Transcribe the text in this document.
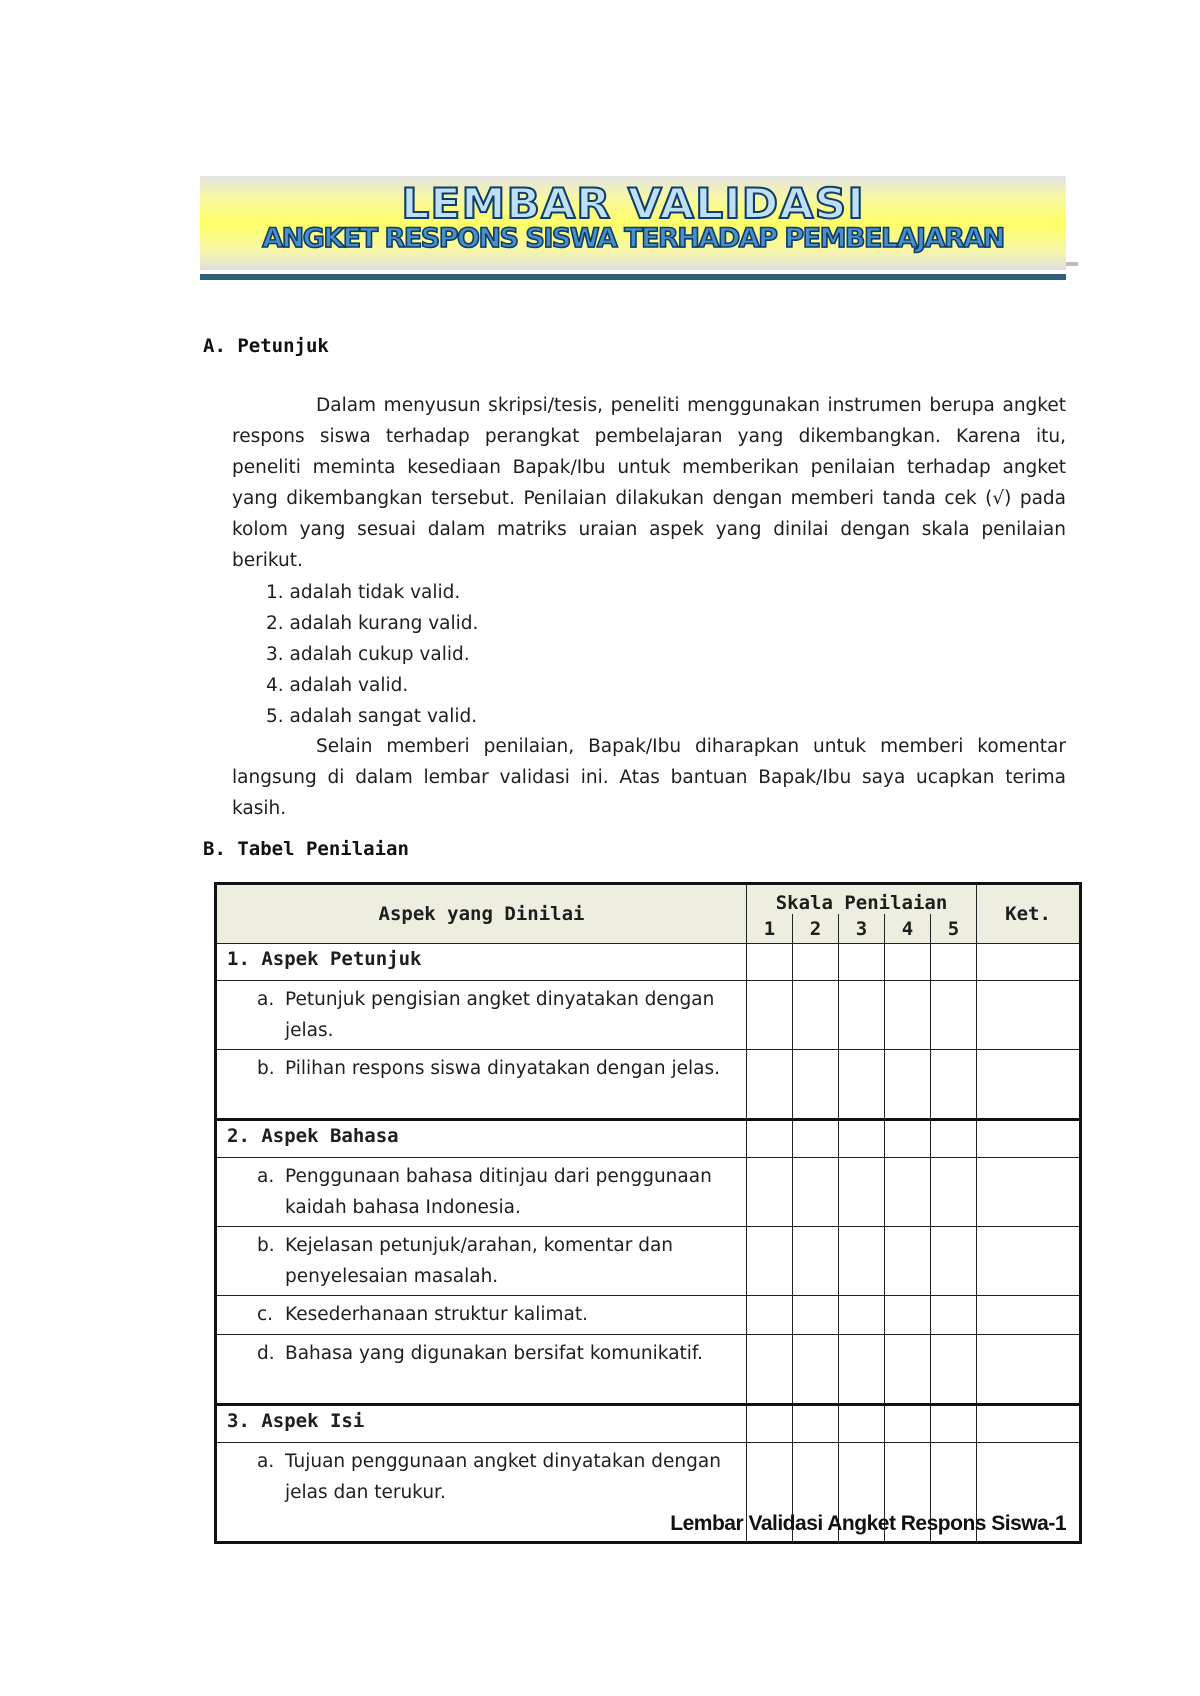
LEMBAR VALIDASI
ANGKET RESPONS SISWA TERHADAP PEMBELAJARAN
A. Petunjuk

Dalam menyusun skripsi/tesis, peneliti menggunakan instrumen berupa angket respons siswa terhadap perangkat pembelajaran yang dikembangkan. Karena itu, peneliti meminta kesediaan Bapak/Ibu untuk memberikan penilaian terhadap angket yang dikembangkan tersebut. Penilaian dilakukan dengan memberi tanda cek (√) pada kolom yang sesuai dalam matriks uraian aspek yang dinilai dengan skala penilaian berikut.

1. adalah tidak valid.
2. adalah kurang valid.
3. adalah cukup valid.
4. adalah valid.
5. adalah sangat valid.

Selain memberi penilaian, Bapak/Ibu diharapkan untuk memberi komentar langsung di dalam lembar validasi ini. Atas bantuan Bapak/Ibu saya ucapkan terima kasih.

B. Tabel Penilaian
Aspek yang Dinilai	Skala Penilaian					Ket.
	1	2	3	4	5	
1. Aspek Petunjuk						

a. Petunjuk pengisian angket dinyatakan dengan jelas.						

b. Pilihan respons siswa dinyatakan dengan jelas.						

2. Aspek Bahasa						

a. Penggunaan bahasa ditinjau dari penggunaan kaidah bahasa Indonesia.						

b. Kejelasan petunjuk/arahan, komentar dan penyelesaian masalah.						

c. Kesederhanaan struktur kalimat.						

d. Bahasa yang digunakan bersifat komunikatif.						

3. Aspek Isi						

a. Tujuan penggunaan angket dinyatakan dengan jelas dan terukur.						

Lembar Validasi Angket Respons Siswa-1
